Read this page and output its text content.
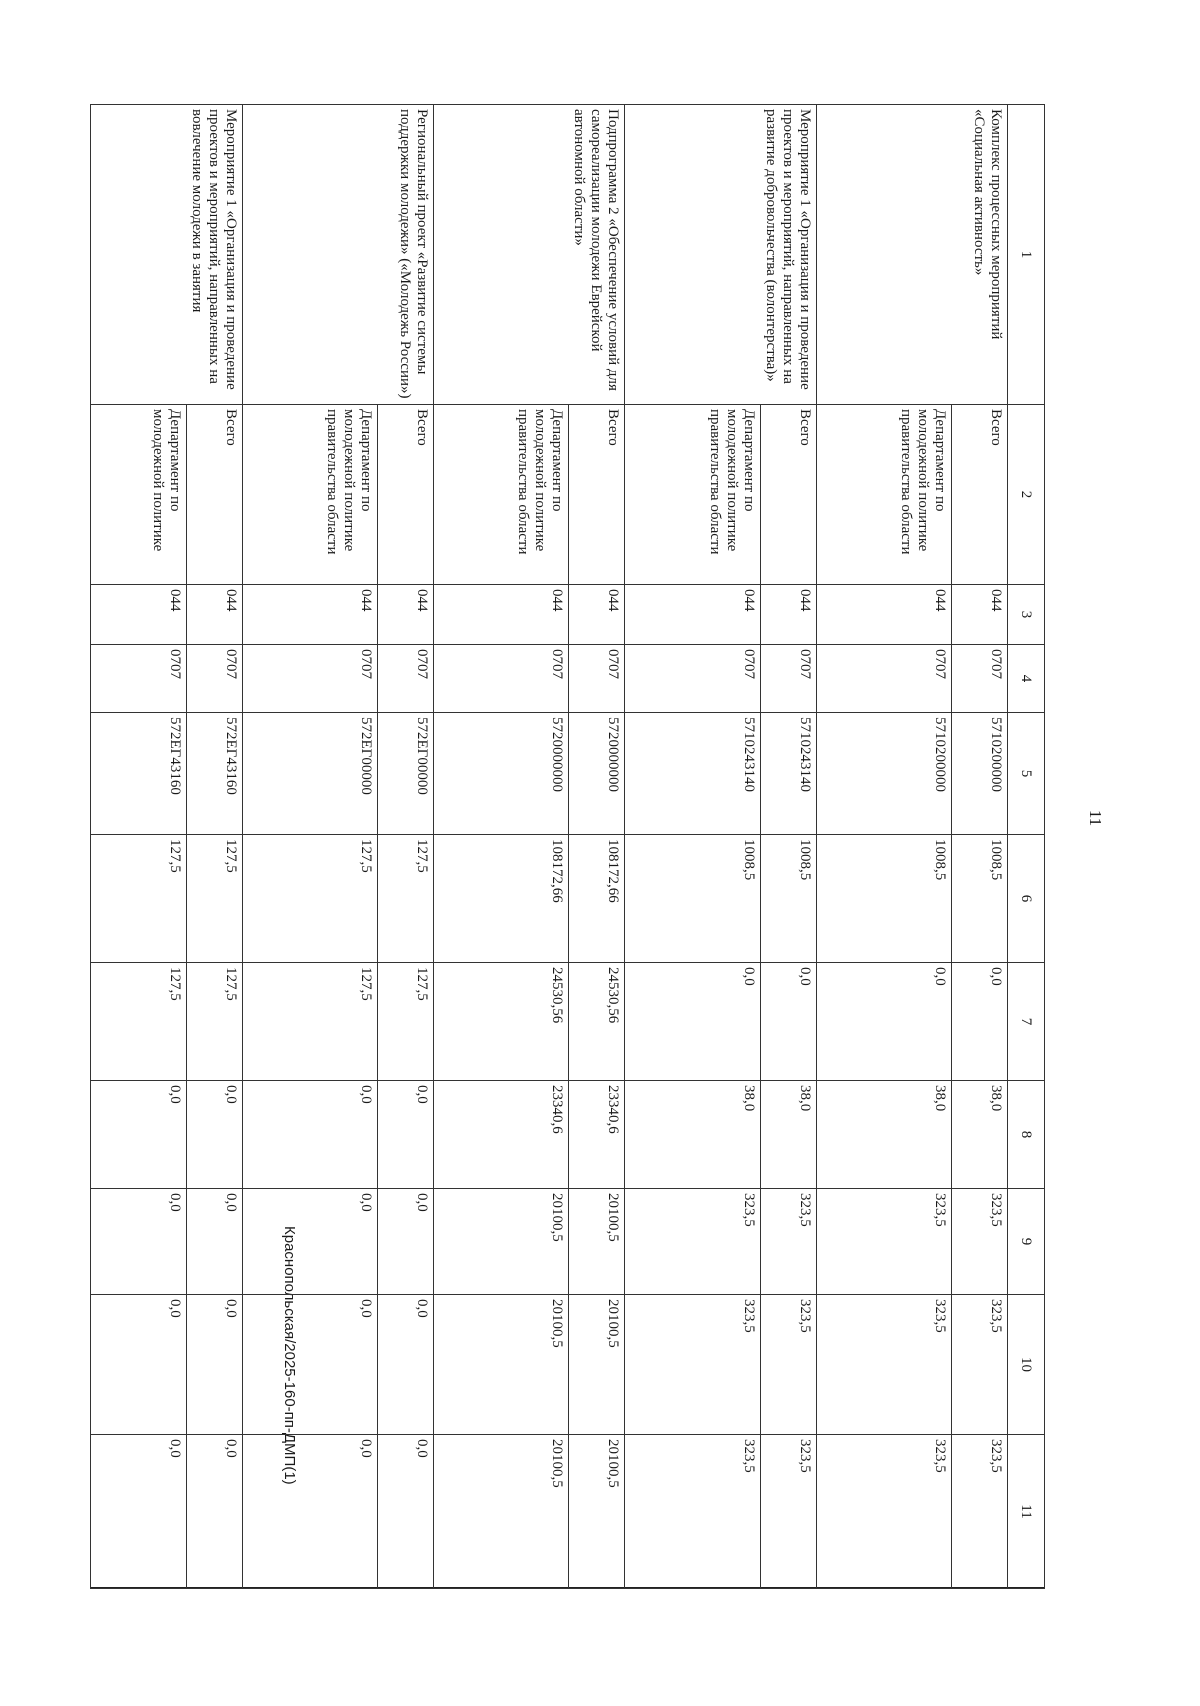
11
Краснопольская/2025-160-пп-ДМП(1)
1	2	3	4	5	6	7	8	9	10	11
Комплекс процессных мероприятий «Социальная активность»	Всего	044	0707	5710200000	1008,5	0,0	38,0	323,5	323,5	323,5
	Департамент по молодежной политике правительства области	044	0707	5710200000	1008,5	0,0	38,0	323,5	323,5	323,5
Мероприятие 1 «Организация и проведение проектов и мероприятий, направленных на развитие добровольчества (волонтерства)»	Всего	044	0707	5710243140	1008,5	0,0	38,0	323,5	323,5	323,5
	Департамент по молодежной политике правительства области	044	0707	5710243140	1008,5	0,0	38,0	323,5	323,5	323,5
Подпрограмма 2 «Обеспечение условий для самореализации молодежи Еврейской автономной области»	Всего	044	0707	5720000000	108172,66	24530,56	23340,6	20100,5	20100,5	20100,5
	Департамент по молодежной политике правительства области	044	0707	5720000000	108172,66	24530,56	23340,6	20100,5	20100,5	20100,5
Региональный проект «Развитие системы поддержки молодежи» («Молодежь России»)	Всего	044	0707	572ЕГ00000	127,5	127,5	0,0	0,0	0,0	0,0
	Департамент по молодежной политике правительства области	044	0707	572ЕГ00000	127,5	127,5	0,0	0,0	0,0	0,0
Мероприятие 1 «Организация и проведение проектов и мероприятий, направленных на вовлечение молодежи в занятия	Всего	044	0707	572ЕГ43160	127,5	127,5	0,0	0,0	0,0	0,0
	Департамент по молодежной политике	044	0707	572ЕГ43160	127,5	127,5	0,0	0,0	0,0	0,0
